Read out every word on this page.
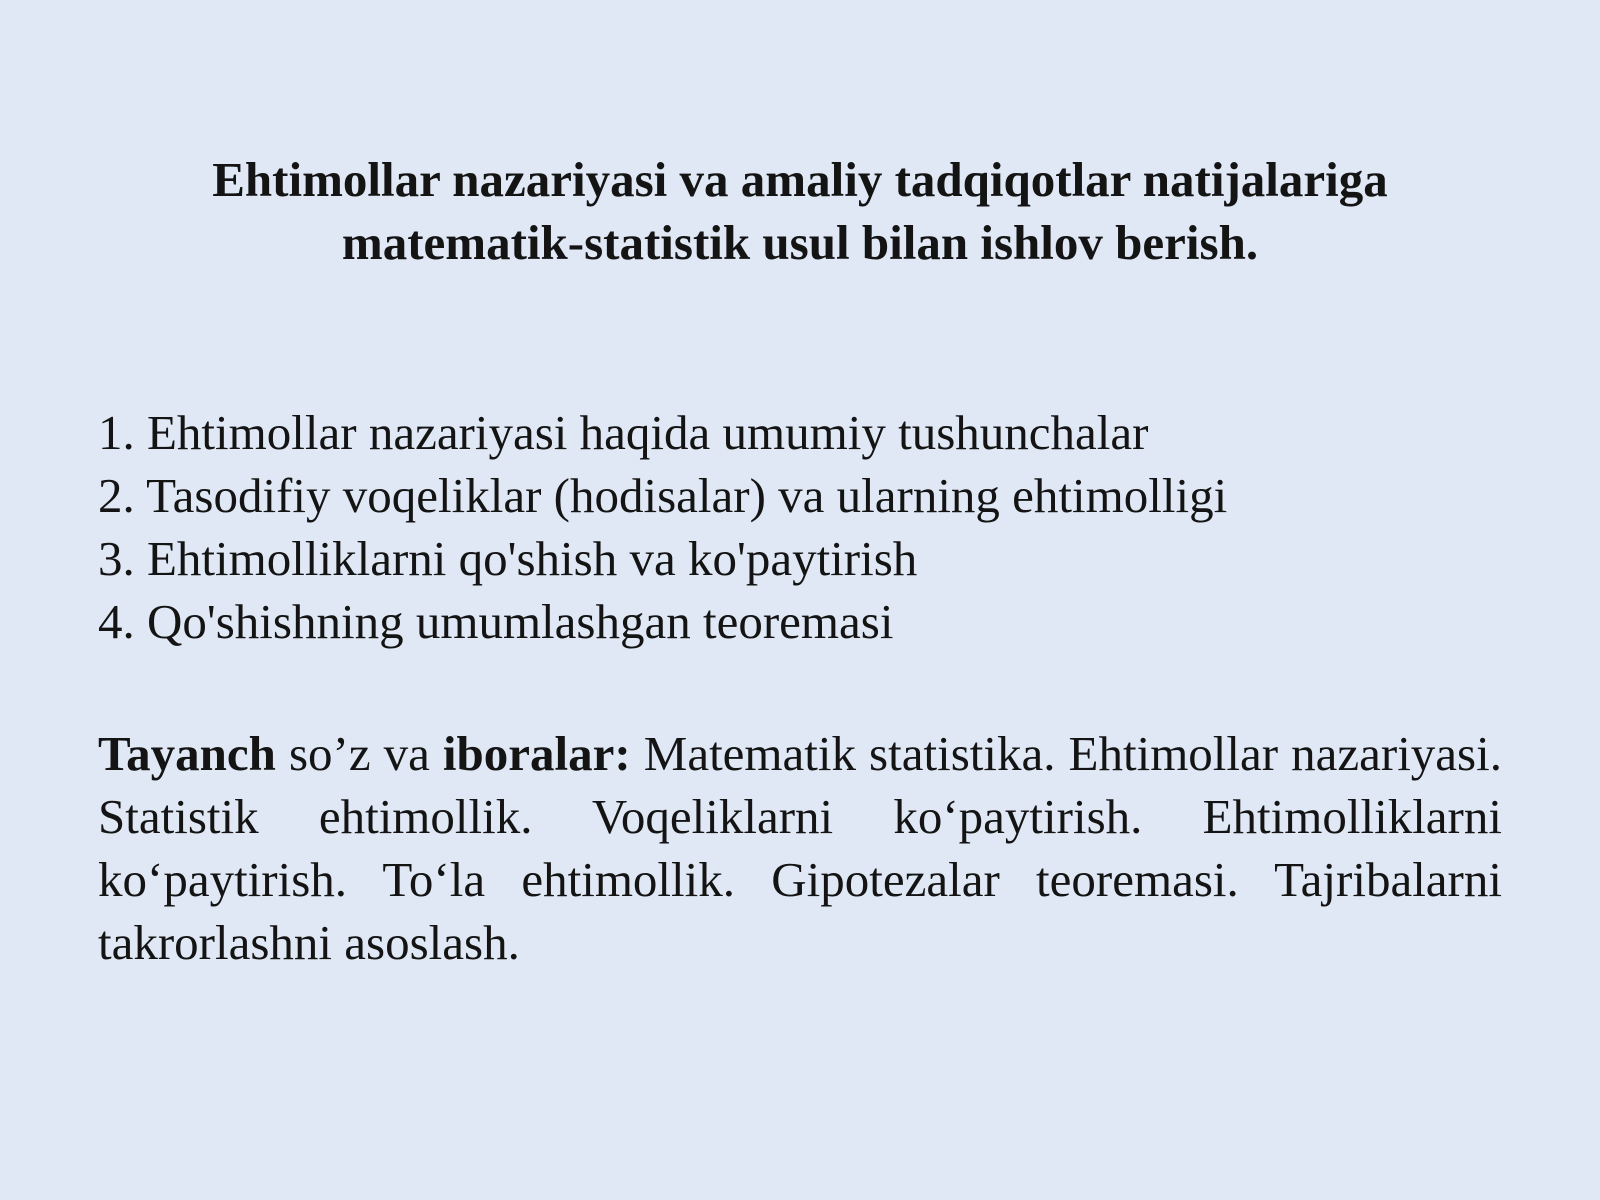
Ehtimollar nazariyasi va amaliy tadqiqotlar natijalariga
matematik-statistik usul bilan ishlov berish.
1. Ehtimollar nazariyasi haqida umumiy tushunchalar
2. Tasodifiy voqeliklar (hodisalar) va ularning ehtimolligi
3. Ehtimolliklarni qo'shish va ko'paytirish
4. Qo'shishning umumlashgan teoremasi

Tayanch so’z va iboralar: Matematik statistika. Ehtimollar nazariyasi. Statistik ehtimollik. Voqeliklarni ko‘paytirish. Ehtimolliklarni ko‘paytirish. To‘la ehtimollik. Gipotezalar teoremasi. Tajribalarni takrorlashni asoslash.
